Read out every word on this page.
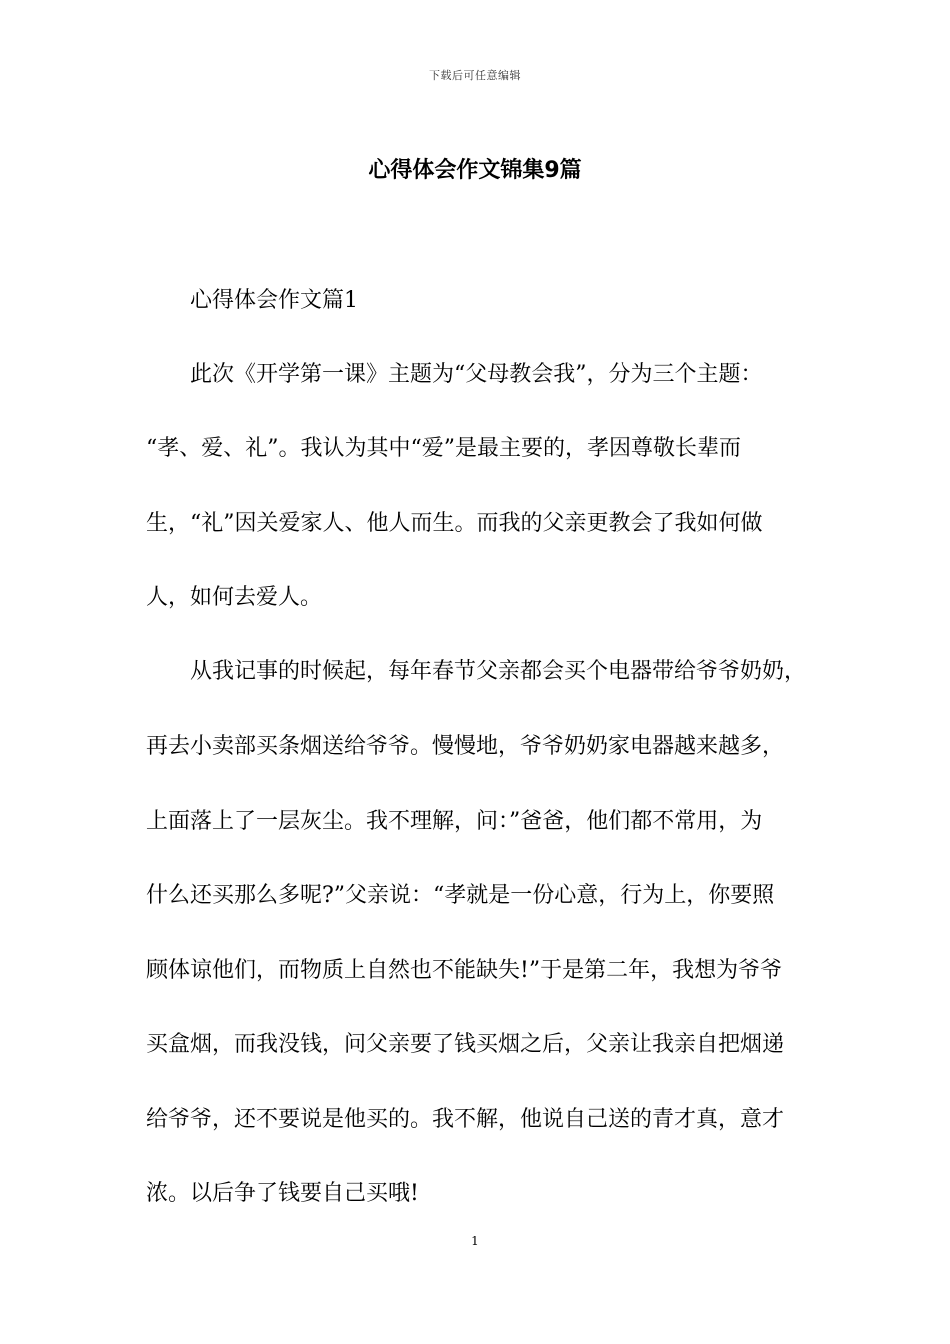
下载后可任意编辑
心得体会作文锦集9篇
心得体会作文篇1
此次《开学第一课》主题为“父母教会我”，分为三个主题：
“孝、爱、礼”。我认为其中“爱”是最主要的，孝因尊敬长辈而
生，“礼”因关爱家人、他人而生。而我的父亲更教会了我如何做
人，如何去爱人。
从我记事的时候起，每年春节父亲都会买个电器带给爷爷奶奶，
再去小卖部买条烟送给爷爷。慢慢地，爷爷奶奶家电器越来越多，
上面落上了一层灰尘。我不理解，问：”爸爸，他们都不常用，为
什么还买那么多呢?”父亲说：“孝就是一份心意，行为上，你要照
顾体谅他们，而物质上自然也不能缺失!”于是第二年，我想为爷爷
买盒烟，而我没钱，问父亲要了钱买烟之后，父亲让我亲自把烟递
给爷爷，还不要说是他买的。我不解，他说自己送的青才真，意才
浓。以后争了钱要自己买哦!
1
